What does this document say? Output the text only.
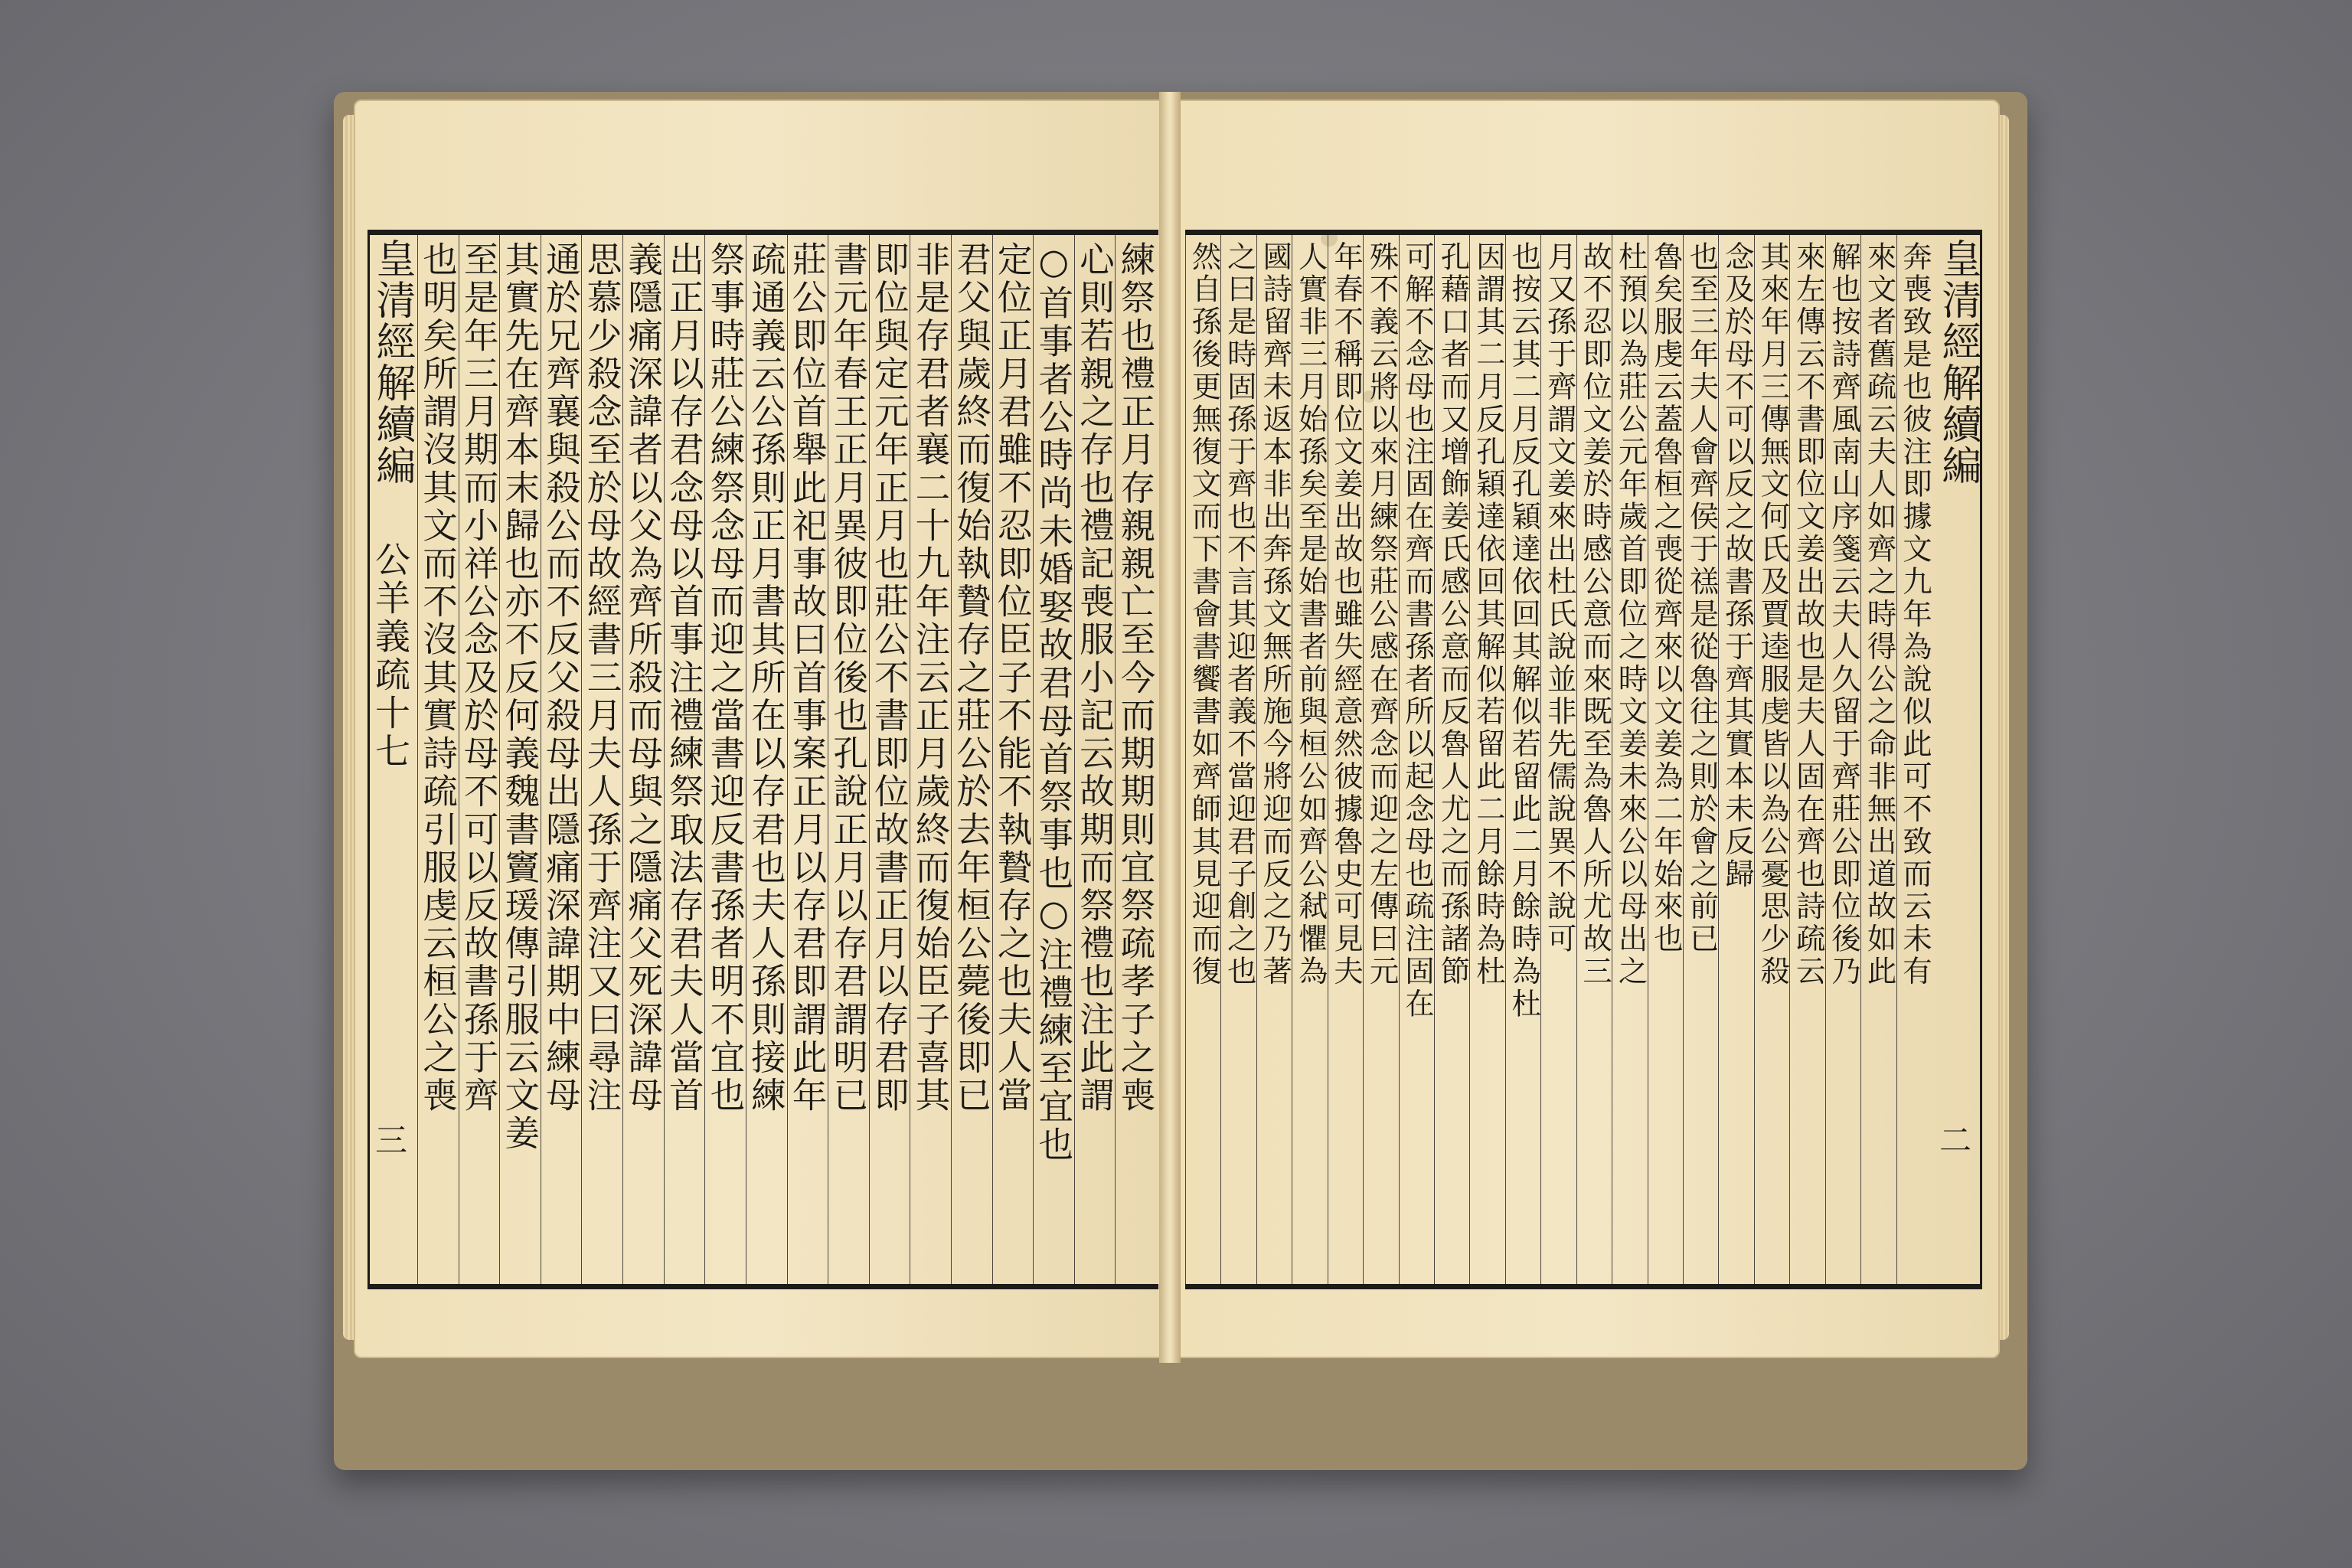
皇清經解續編
公羊義疏十七
三
練祭也禮正月存親親亡至今而期期則宜祭疏孝子之喪
心則若親之存也禮記喪服小記云故期而祭禮也注此謂
○首事者公時尚未婚娶故君母首祭事也○注禮練至宜也
定位正月君雖不忍即位臣子不能不執贄存之也夫人當
君父與歲終而復始執贄存之莊公於去年桓公薨後即已
非是存君者襄二十九年注云正月歲終而復始臣子喜其
即位與定元年正月也莊公不書即位故書正月以存君即
書元年春王正月異彼即位後也孔說正月以存君謂明已
莊公即位首舉此祀事故曰首事案正月以存君即謂此年
疏通義云公孫則正月書其所在以存君也夫人孫則接練
祭事時莊公練祭念母而迎之當書迎反書孫者明不宜也
出正月以存君念母以首事注禮練祭取法存君夫人當首
義隱痛深諱者以父為齊所殺而母與之隱痛父死深諱母
思慕少殺念至於母故經書三月夫人孫于齊注又曰尋注
通於兄齊襄與殺公而不反父殺母出隱痛深諱期中練母
其實先在齊本末歸也亦不反何義魏書竇瑗傳引服云文姜
至是年三月期而小祥公念及於母不可以反故書孫于齊
也明矣所謂沒其文而不沒其實詩疏引服虔云桓公之喪	奔喪致是也彼注即據文九年為說似此可不致而云未有
來文者舊疏云夫人如齊之時得公之命非無出道故如此
解也按詩齊風南山序箋云夫人久留于齊莊公即位後乃
來左傳云不書即位文姜出故也是夫人固在齊也詩疏云
其來年月三傳無文何氏及賈逵服虔皆以為公憂思少殺
念及於母不可以反之故書孫于齊其實本未反歸
也至三年夫人會齊侯于禚是從魯往之則於會之前已
魯矣服虔云蓋魯桓之喪從齊來以文姜為二年始來也
杜預以為莊公元年歲首即位之時文姜未來公以母出之
故不忍即位文姜於時感公意而來既至為魯人所尤故三
月又孫于齊謂文姜來出杜氏說並非先儒說異不說可
也按云其二月反孔穎達依回其解似若留此二月餘時為杜
因謂其二月反孔穎達依回其解似若留此二月餘時為杜
孔藉口者而又增飾姜氏感公意而反魯人尤之而孫諸節
可解不念母也注固在齊而書孫者所以起念母也疏注固在
殊不義云將以來月練祭莊公感在齊念而迎之左傳曰元
年春不稱即位文姜出故也雖失經意然彼據魯史可見夫
人實非三月始孫矣至是始書者前與桓公如齊公弒懼為
國詩留齊未返本非出奔孫文無所施今將迎而反之乃著
之曰是時固孫于齊也不言其迎者義不當迎君子創之也
然自孫後更無復文而下書會書饗書如齊師其見迎而復	皇清經解續編
二
